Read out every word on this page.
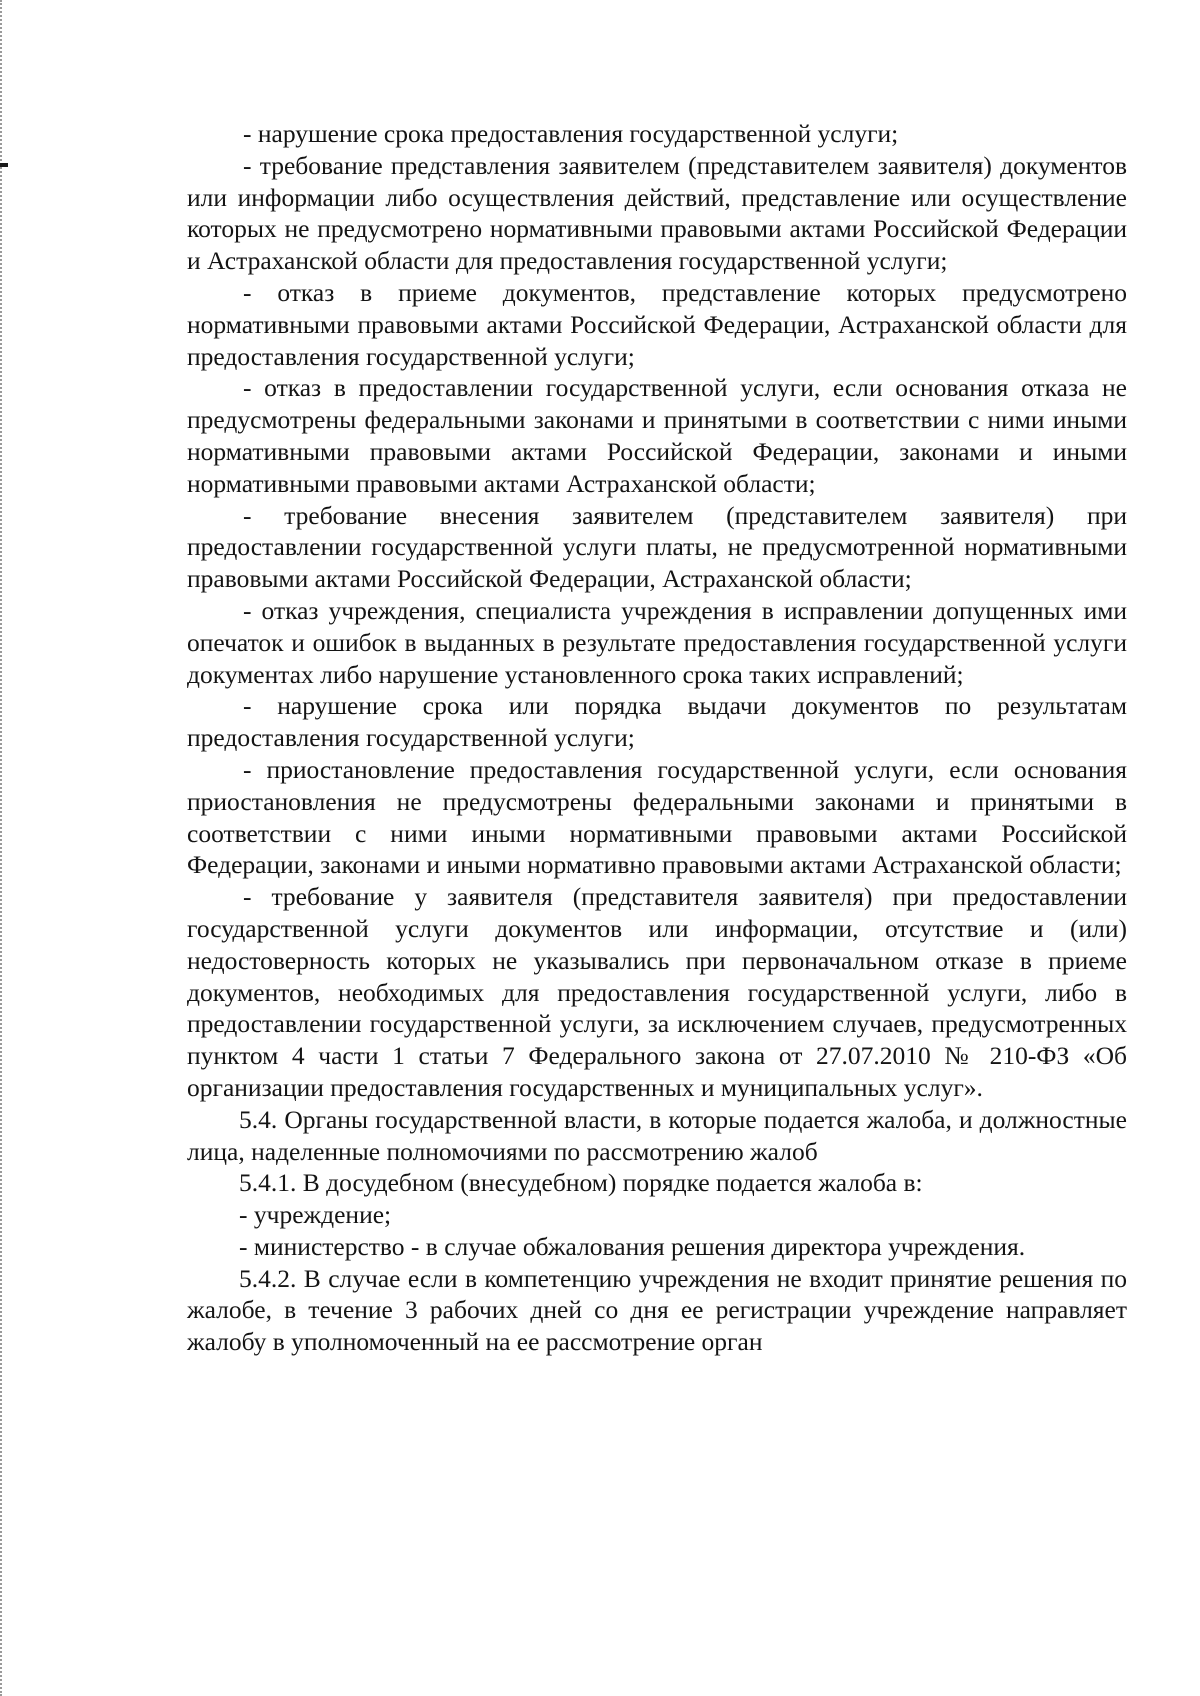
- нарушение срока предоставления государственной услуги;

- требование представления заявителем (представителем заявителя) документов или информации либо осуществления действий, представление или осуществление которых не предусмотрено нормативными правовыми актами Российской Федерации и Астраханской области для предоставления государственной услуги;

- отказ в приеме документов, представление которых предусмотрено нормативными правовыми актами Российской Федерации, Астраханской области для предоставления государственной услуги;

- отказ в предоставлении государственной услуги, если основания отказа не предусмотрены федеральными законами и принятыми в соответствии с ними иными нормативными правовыми актами Российской Федерации, законами и иными нормативными правовыми актами Астраханской области;

- требование внесения заявителем (представителем заявителя) при предоставлении государственной услуги платы, не предусмотренной нормативными правовыми актами Российской Федерации, Астраханской области;

- отказ учреждения, специалиста учреждения в исправлении допущенных ими опечаток и ошибок в выданных в результате предоставления государственной услуги документах либо нарушение установленного срока таких исправлений;

- нарушение срока или порядка выдачи документов по результатам предоставления государственной услуги;

- приостановление предоставления государственной услуги, если основания приостановления не предусмотрены федеральными законами и принятыми в соответствии с ними иными нормативными правовыми актами Российской Федерации, законами и иными нормативно правовыми актами Астраханской области;

- требование у заявителя (представителя заявителя) при предоставлении государственной услуги документов или информации, отсутствие и (или) недостоверность которых не указывались при первоначальном отказе в приеме документов, необходимых для предоставления государственной услуги, либо в предоставлении государственной услуги, за исключением случаев, предусмотренных пунктом 4 части 1 статьи 7 Федерального закона от 27.07.2010 № 210-ФЗ «Об организации предоставления государственных и муниципальных услуг».

5.4. Органы государственной власти, в которые подается жалоба, и должностные лица, наделенные полномочиями по рассмотрению жалоб

5.4.1. В досудебном (внесудебном) порядке подается жалоба в:

- учреждение;

- министерство - в случае обжалования решения директора учреждения.

5.4.2. В случае если в компетенцию учреждения не входит принятие решения по жалобе, в течение 3 рабочих дней со дня ее регистрации учреждение направляет жалобу в уполномоченный на ее рассмотрение орган
